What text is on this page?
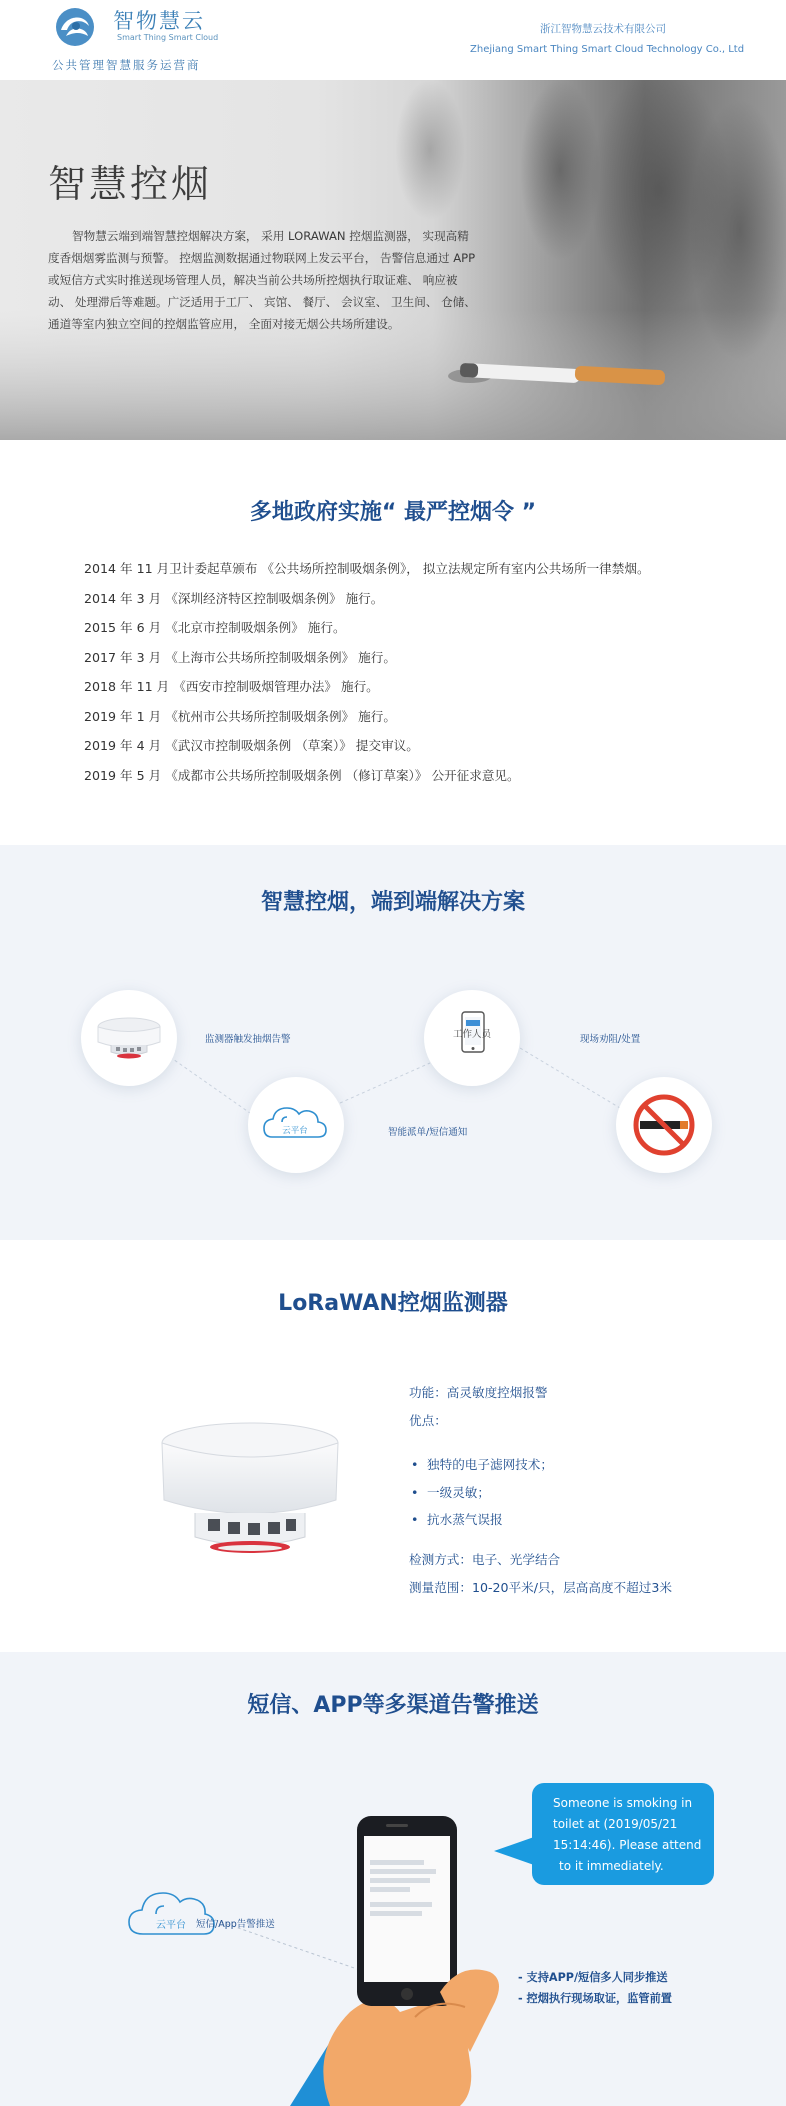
智物慧云
Smart Thing Smart Cloud
公共管理智慧服务运营商
浙江智物慧云技术有限公司
Zhejiang Smart Thing Smart Cloud Technology Co., Ltd
智慧控烟
智物慧云端到端智慧控烟解决方案， 采用 LORAWAN 控烟监测器， 实现高精度香烟烟雾监测与预警。 控烟监测数据通过物联网上发云平台， 告警信息通过 APP 或短信方式实时推送现场管理人员，解决当前公共场所控烟执行取证难、 响应被动、 处理滞后等难题。广泛适用于工厂、 宾馆、 餐厅、 会议室、 卫生间、 仓储、 通道等室内独立空间的控烟监管应用， 全面对接无烟公共场所建设。
多地政府实施“ 最严控烟令 ”
2014 年 11 月卫计委起草颁布 《公共场所控制吸烟条例》， 拟立法规定所有室内公共场所一律禁烟。
2014 年 3 月 《深圳经济特区控制吸烟条例》 施行。
2015 年 6 月 《北京市控制吸烟条例》 施行。
2017 年 3 月 《上海市公共场所控制吸烟条例》 施行。
2018 年 11 月 《西安市控制吸烟管理办法》 施行。
2019 年 1 月 《杭州市公共场所控制吸烟条例》 施行。
2019 年 4 月 《武汉市控制吸烟条例 （草案）》 提交审议。
2019 年 5 月 《成都市公共场所控制吸烟条例 （修订草案）》 公开征求意见。
智慧控烟，端到端解决方案
监测器触发抽烟告警
云平台	智能派单/短信通知
工作人员	现场劝阻/处置
LoRaWAN控烟监测器
功能：高灵敏度控烟报警
优点：
• 独特的电子滤网技术；
• 一级灵敏；
• 抗水蒸气误报
检测方式：电子、光学结合
测量范围：10-20平米/只，层高高度不超过3米
短信、APP等多渠道告警推送
云平台 短信/App告警推送
Someone is smoking in
toilet at (2019/05/21
15:14:46). Please attend
to it immediately.
- 支持APP/短信多人同步推送
- 控烟执行现场取证，监管前置
